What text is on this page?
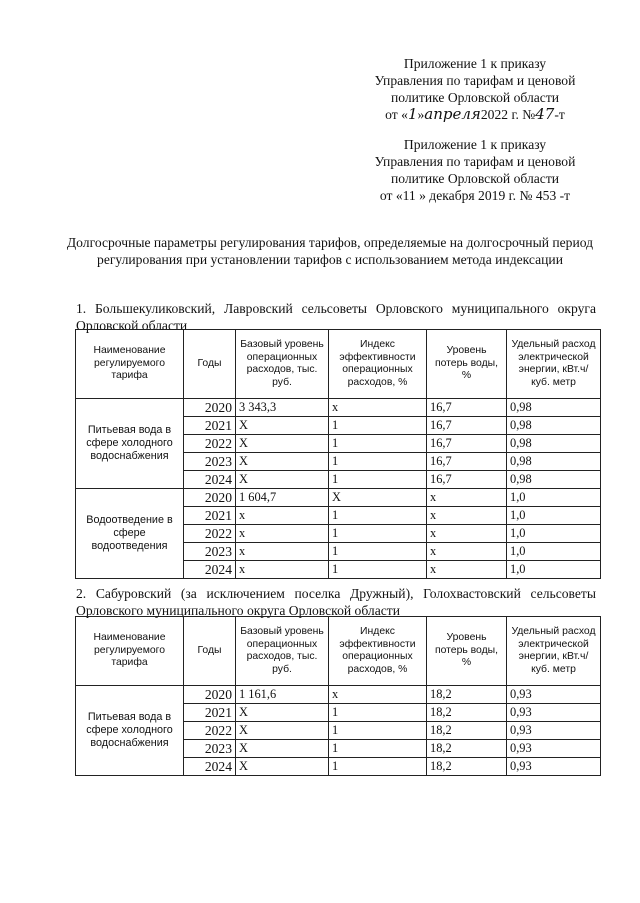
Приложение 1 к приказу
Управления по тарифам и ценовой
политике Орловской области
от «1»апреля2022 г. №47-т
Приложение 1 к приказу
Управления по тарифам и ценовой
политике Орловской области
от «11 » декабря 2019 г. № 453 -т
Долгосрочные параметры регулирования тарифов, определяемые на долгосрочный период регулирования при установлении тарифов с использованием метода индексации
1. Большекуликовский, Лавровский сельсоветы Орловского муниципального округа Орловской области
Наименование регулируемого тарифа	Годы	Базовый уровень операционных расходов, тыс. руб.	Индекс эффективности операционных расходов, %	Уровень потерь воды, %	Удельный расход электрической энергии, кВт.ч/куб. метр
Питьевая вода в сфере холодного водоснабжения	2020	3 343,3	x	16,7	0,98
	2021	X	1	16,7	0,98
	2022	X	1	16,7	0,98
	2023	X	1	16,7	0,98
	2024	X	1	16,7	0,98
Водоотведение в сфере водоотведения	2020	1 604,7	X	x	1,0
	2021	x	1	x	1,0
	2022	x	1	x	1,0
	2023	x	1	x	1,0
	2024	x	1	x	1,0
2. Сабуровский (за исключением поселка Дружный), Голохвастовский сельсоветы Орловского муниципального округа Орловской области
Наименование регулируемого тарифа	Годы	Базовый уровень операционных расходов, тыс. руб.	Индекс эффективности операционных расходов, %	Уровень потерь воды, %	Удельный расход электрической энергии, кВт.ч/куб. метр
Питьевая вода в сфере холодного водоснабжения	2020	1 161,6	x	18,2	0,93
	2021	X	1	18,2	0,93
	2022	X	1	18,2	0,93
	2023	X	1	18,2	0,93
	2024	X	1	18,2	0,93
